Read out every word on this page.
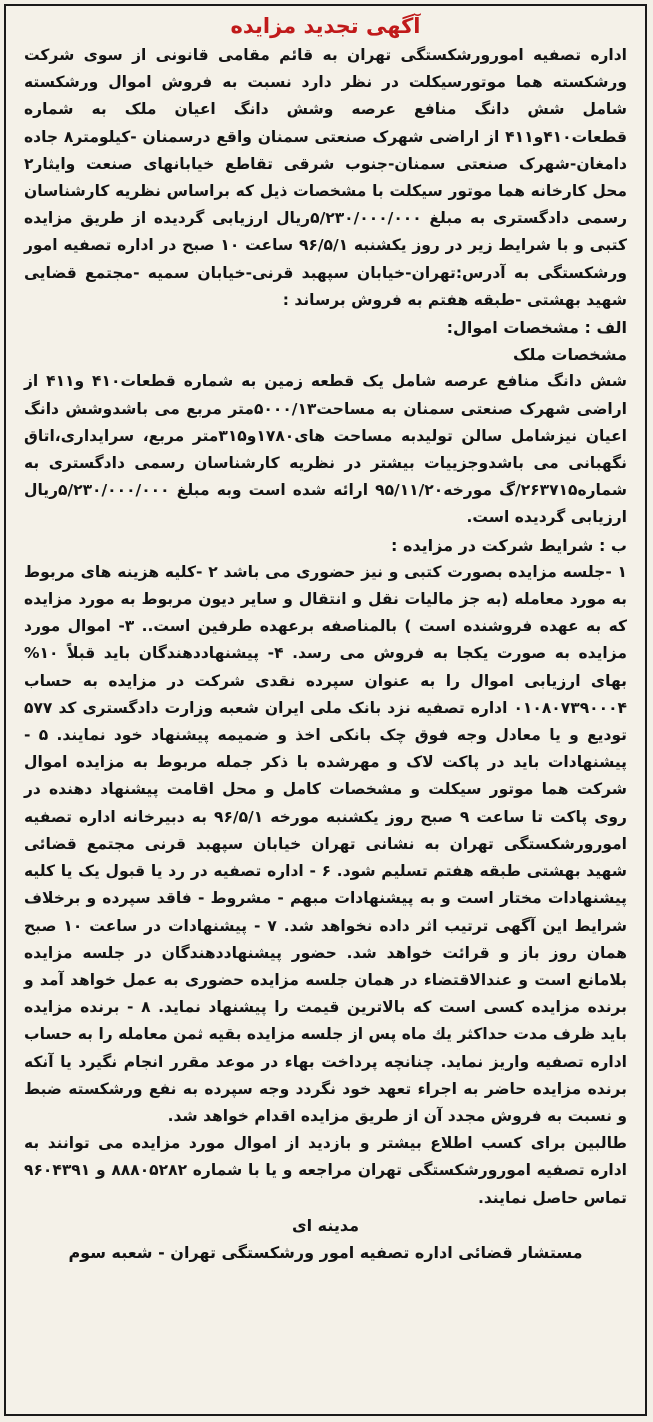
آگهی تجدید مزایده

اداره تصفیه امورورشکستگی تهران به قائم مقامی قانونی از سوی شرکت ورشکسته هما موتورسیکلت در نظر دارد نسبت به فروش اموال ورشکسته شامل شش دانگ منافع عرصه وشش دانگ اعیان ملک به شماره قطعات۴۱۰و۴۱۱ از اراضی شهرک صنعتی سمنان واقع درسمنان -کیلومتر۸ جاده دامغان-شهرک صنعتی سمنان-جنوب شرقی تقاطع خیابانهای صنعت وایثار۲ محل کارخانه هما موتور سیکلت با مشخصات ذیل که براساس نظریه کارشناسان رسمی دادگستری به مبلغ ۵/۲۳۰/۰۰۰/۰۰۰ریال ارزیابی گردیده از طریق مزایده کتبی و با شرایط زیر در روز یکشنبه ۹۶/۵/۱ ساعت ۱۰ صبح در اداره تصفیه امور ورشکستگی به آدرس:تهران-خیابان سپهبد قرنی-خیابان سمیه -مجتمع قضایی شهید بهشتی -طبقه هفتم به فروش برساند :

الف : مشخصات اموال:

مشخصات ملک

شش دانگ منافع عرصه شامل یک قطعه زمین به شماره قطعات۴۱۰ و۴۱۱ از اراضی شهرک صنعتی سمنان به مساحت۵۰۰۰/۱۳متر مربع می باشدوشش دانگ اعیان نیزشامل سالن تولیدبه مساحت های۱۷۸۰و۳۱۵متر مربع، سرایداری،اتاق نگهبانی می باشدوجزییات بیشتر در نظریه کارشناسان رسمی دادگستری به شماره۲۶۳۷۱۵/گ مورخه۹۵/۱۱/۲۰ ارائه شده است وبه مبلغ ۵/۲۳۰/۰۰۰/۰۰۰ریال ارزیابی گردیده است.

ب : شرایط شرکت در مزایده :

۱ -جلسه مزایده بصورت کتبی و نیز حضوری می باشد ۲ -کلیه هزینه های مربوط به مورد معامله (به جز مالیات نقل و انتقال و سایر دیون مربوط به مورد مزایده که به عهده فروشنده است ) بالمناصفه برعهده طرفین است.. ۳- اموال مورد مزایده به صورت یکجا به فروش می رسد. ۴- پیشنهاددهندگان باید قبلاً ۱۰% بهای ارزیابی اموال را به عنوان سپرده نقدی شرکت در مزایده به حساب ۰۱۰۸۰۷۳۹۰۰۰۴ اداره تصفیه نزد بانک ملی ایران شعبه وزارت دادگستری کد ۵۷۷ تودیع و یا معادل وجه فوق چک بانکی اخذ و ضمیمه پیشنهاد خود نمایند. ۵ - پیشنهادات باید در پاکت لاک و مهرشده با ذکر جمله مربوط به مزایده اموال شرکت هما موتور سیکلت و مشخصات کامل و محل اقامت پیشنهاد دهنده در روی پاکت تا ساعت ۹ صبح روز یکشنبه مورخه ۹۶/۵/۱ به دبیرخانه اداره تصفیه امورورشکستگی تهران به نشانی تهران خیابان سپهبد قرنی مجتمع قضائی شهید بهشتی طبقه هفتم تسلیم شود. ۶ - اداره تصفیه در رد یا قبول یک یا کلیه پیشنهادات مختار است و به پیشنهادات مبهم - مشروط - فاقد سپرده و برخلاف شرایط این آگهی ترتیب اثر داده نخواهد شد. ۷ - پیشنهادات در ساعت ۱۰ صبح همان روز باز و قرائت خواهد شد. حضور پیشنهاددهندگان در جلسه مزایده بلامانع است و عندالاقتضاء در همان جلسه مزایده حضوری به عمل خواهد آمد و برنده مزایده کسی است که بالاترین قیمت را پیشنهاد نماید. ۸ - برنده مزایده باید ظرف مدت حداکثر یك ماه پس از جلسه مزایده بقیه ثمن معامله را به حساب اداره تصفیه واریز نماید. چنانچه پرداخت بهاء در موعد مقرر انجام نگیرد یا آنکه برنده مزایده حاضر به اجراء تعهد خود نگردد وجه سپرده به نفع ورشکسته ضبط و نسبت به فروش مجدد آن از طریق مزایده اقدام خواهد شد.

طالبین برای کسب اطلاع بیشتر و بازدید از اموال مورد مزایده می توانند به اداره تصفیه امورورشکستگی تهران مراجعه و یا با شماره ۸۸۸۰۵۲۸۲ و ۹۶۰۴۳۹۱ تماس حاصل نمایند.

مدینه ای
مستشار قضائی اداره تصفیه امور ورشکستگی تهران - شعبه سوم
